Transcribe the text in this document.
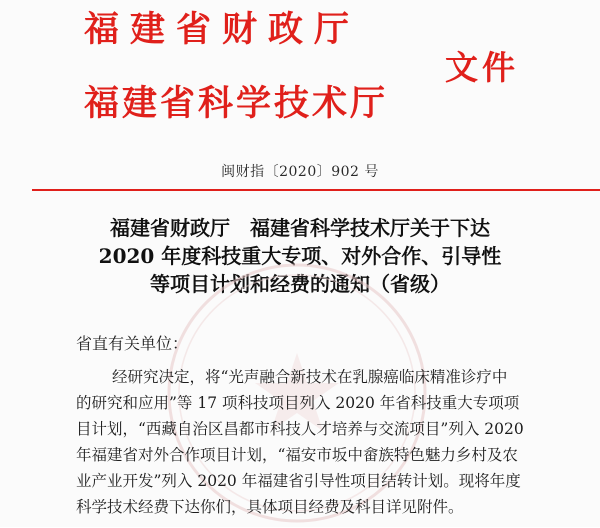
福建省财政厅
福建省科学技术厅
文件
闽财指〔2020〕902 号
福建省财政厅　福建省科学技术厅关于下达
2020 年度科技重大专项、对外合作、引导性
等项目计划和经费的通知（省级）
省直有关单位：
经研究决定，将“光声融合新技术在乳腺癌临床精准诊疗中
的研究和应用”等 17 项科技项目列入 2020 年省科技重大专项项
目计划，“西藏自治区昌都市科技人才培养与交流项目”列入 2020
年福建省对外合作项目计划，“福安市坂中畲族特色魅力乡村及农
业产业开发”列入 2020 年福建省引导性项目结转计划。现将年度
科学技术经费下达你们，具体项目经费及科目详见附件。
